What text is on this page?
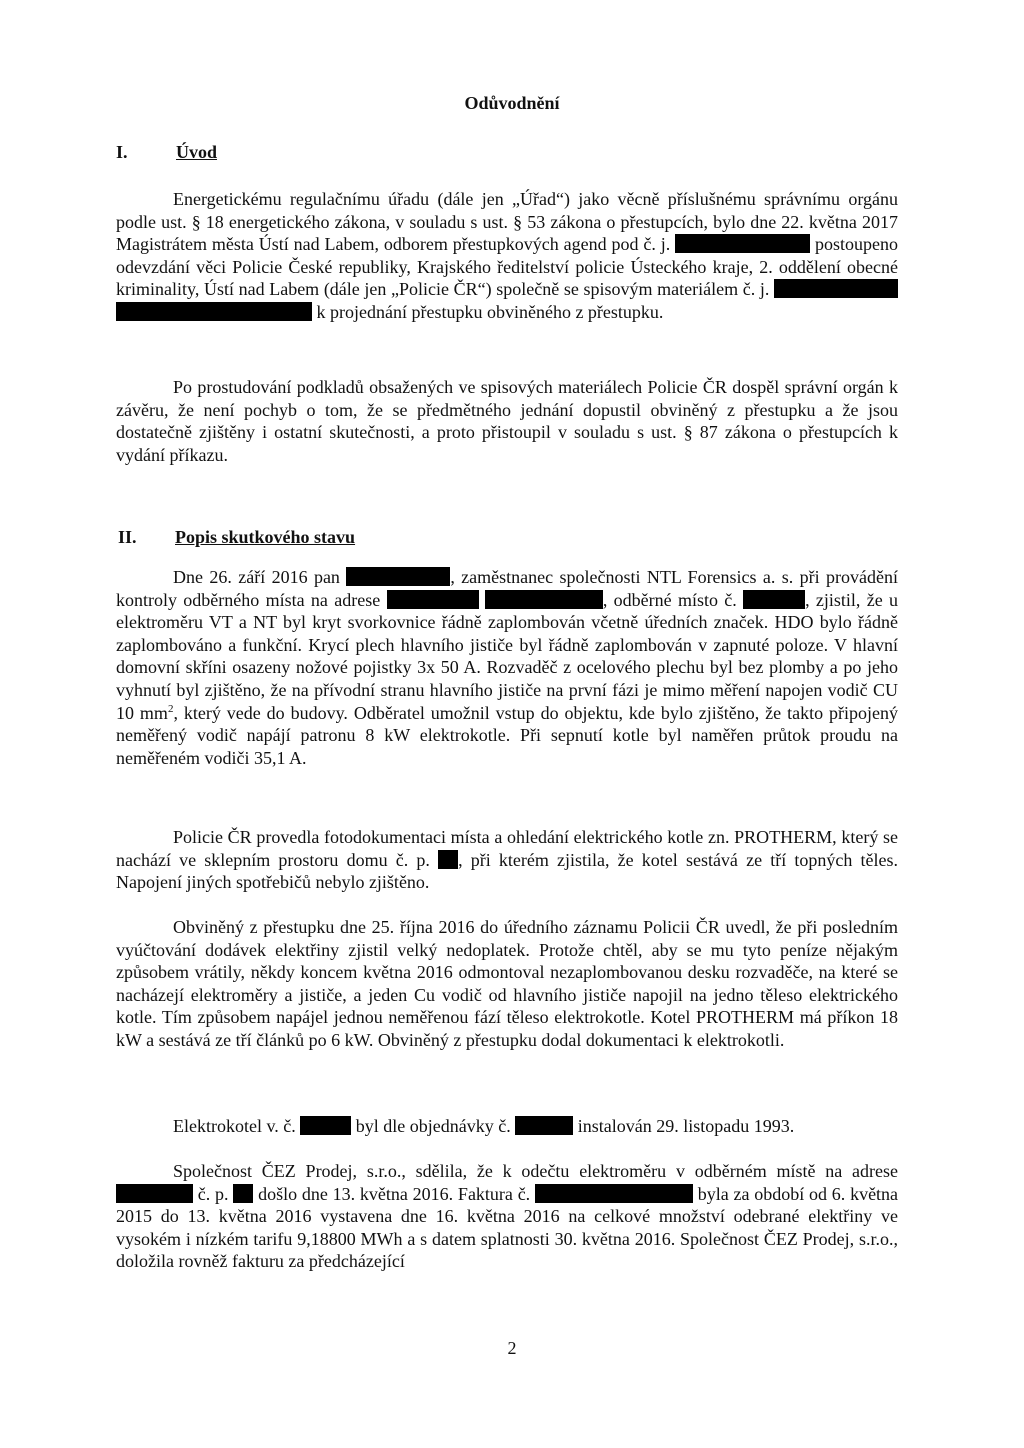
Odůvodnění
I.	Úvod

Energetickému regulačnímu úřadu (dále jen „Úřad“) jako věcně příslušnému správnímu orgánu podle ust. § 18 energetického zákona, v souladu s ust. § 53 zákona o přestupcích, bylo dne 22. května 2017 Magistrátem města Ústí nad Labem, odborem přestupkových agend pod č. j.	postoupeno odevzdání věci Policie České republiky, Krajského ředitelství policie Ústeckého kraje, 2. oddělení obecné kriminality, Ústí nad Labem (dále jen „Policie ČR“) společně se spisovým materiálem č. j.   k projednání přestupku obviněného z přestupku.

Po prostudování podkladů obsažených ve spisových materiálech Policie ČR dospěl správní orgán k závěru, že není pochyb o tom, že se předmětného jednání dopustil obviněný z přestupku a že jsou dostatečně zjištěny i ostatní skutečnosti, a proto přistoupil v souladu s ust. § 87 zákona o přestupcích k vydání příkazu.

II. Popis skutkového stavu

Dne 26. září 2016 pan	, zaměstnanec společnosti NTL Forensics a. s. při provádění kontroly odběrného místa na adrese	, odběrné místo č.	, zjistil, že u elektroměru VT a NT byl kryt svorkovnice řádně zaplombován včetně úředních značek. HDO bylo řádně zaplombováno a funkční. Krycí plech hlavního jističe byl řádně zaplombován v zapnuté poloze. V hlavní domovní skříni osazeny nožové pojistky 3x 50 A. Rozvaděč z ocelového plechu byl bez plomby a po jeho vyhnutí byl zjištěno, že na přívodní stranu hlavního jističe na první fázi je mimo měření napojen vodič CU 10 $mm^2$, který vede do budovy. Odběratel umožnil vstup do objektu, kde bylo zjištěno, že takto připojený neměřený vodič napájí patronu 8 kW elektrokotle. Při sepnutí kotle byl naměřen průtok proudu na neměřeném vodiči 35,1 A.

Policie ČR provedla fotodokumentaci místa a ohledání elektrického kotle zn. PROTHERM, který se nachází ve sklepním prostoru domu č. p. , při kterém zjistila, že kotel sestává ze tří topných těles. Napojení jiných spotřebičů nebylo zjištěno.

Obviněný z přestupku dne 25. října 2016 do úředního záznamu Policii ČR uvedl, že při posledním vyúčtování dodávek elektřiny zjistil velký nedoplatek. Protože chtěl, aby se mu tyto peníze nějakým způsobem vrátily, někdy koncem května 2016 odmontoval nezaplombovanou desku rozvaděče, na které se nacházejí elektroměry a jističe, a jeden Cu vodič od hlavního jističe napojil na jedno těleso elektrického kotle. Tím způsobem napájel jednou neměřenou fází těleso elektrokotle. Kotel PROTHERM má příkon 18 kW a sestává ze tří článků po 6 kW. Obviněný z přestupku dodal dokumentaci k elektrokotli.

Elektrokotel v. č.	byl dle objednávky č.	instalován 29. listopadu 1993.

Společnost ČEZ Prodej, s.r.o., sdělila, že k odečtu elektroměru v odběrném místě na adrese  č. p. došlo dne 13. května 2016. Faktura č.	byla za období od 6. května 2015 do 13. května 2016 vystavena dne 16. května 2016 na celkové množství odebrané elektřiny ve vysokém i nízkém tarifu 9,18800 MWh a s datem splatnosti 30. května 2016. Společnost ČEZ Prodej, s.r.o., doložila rovněž fakturu za předcházející

2
